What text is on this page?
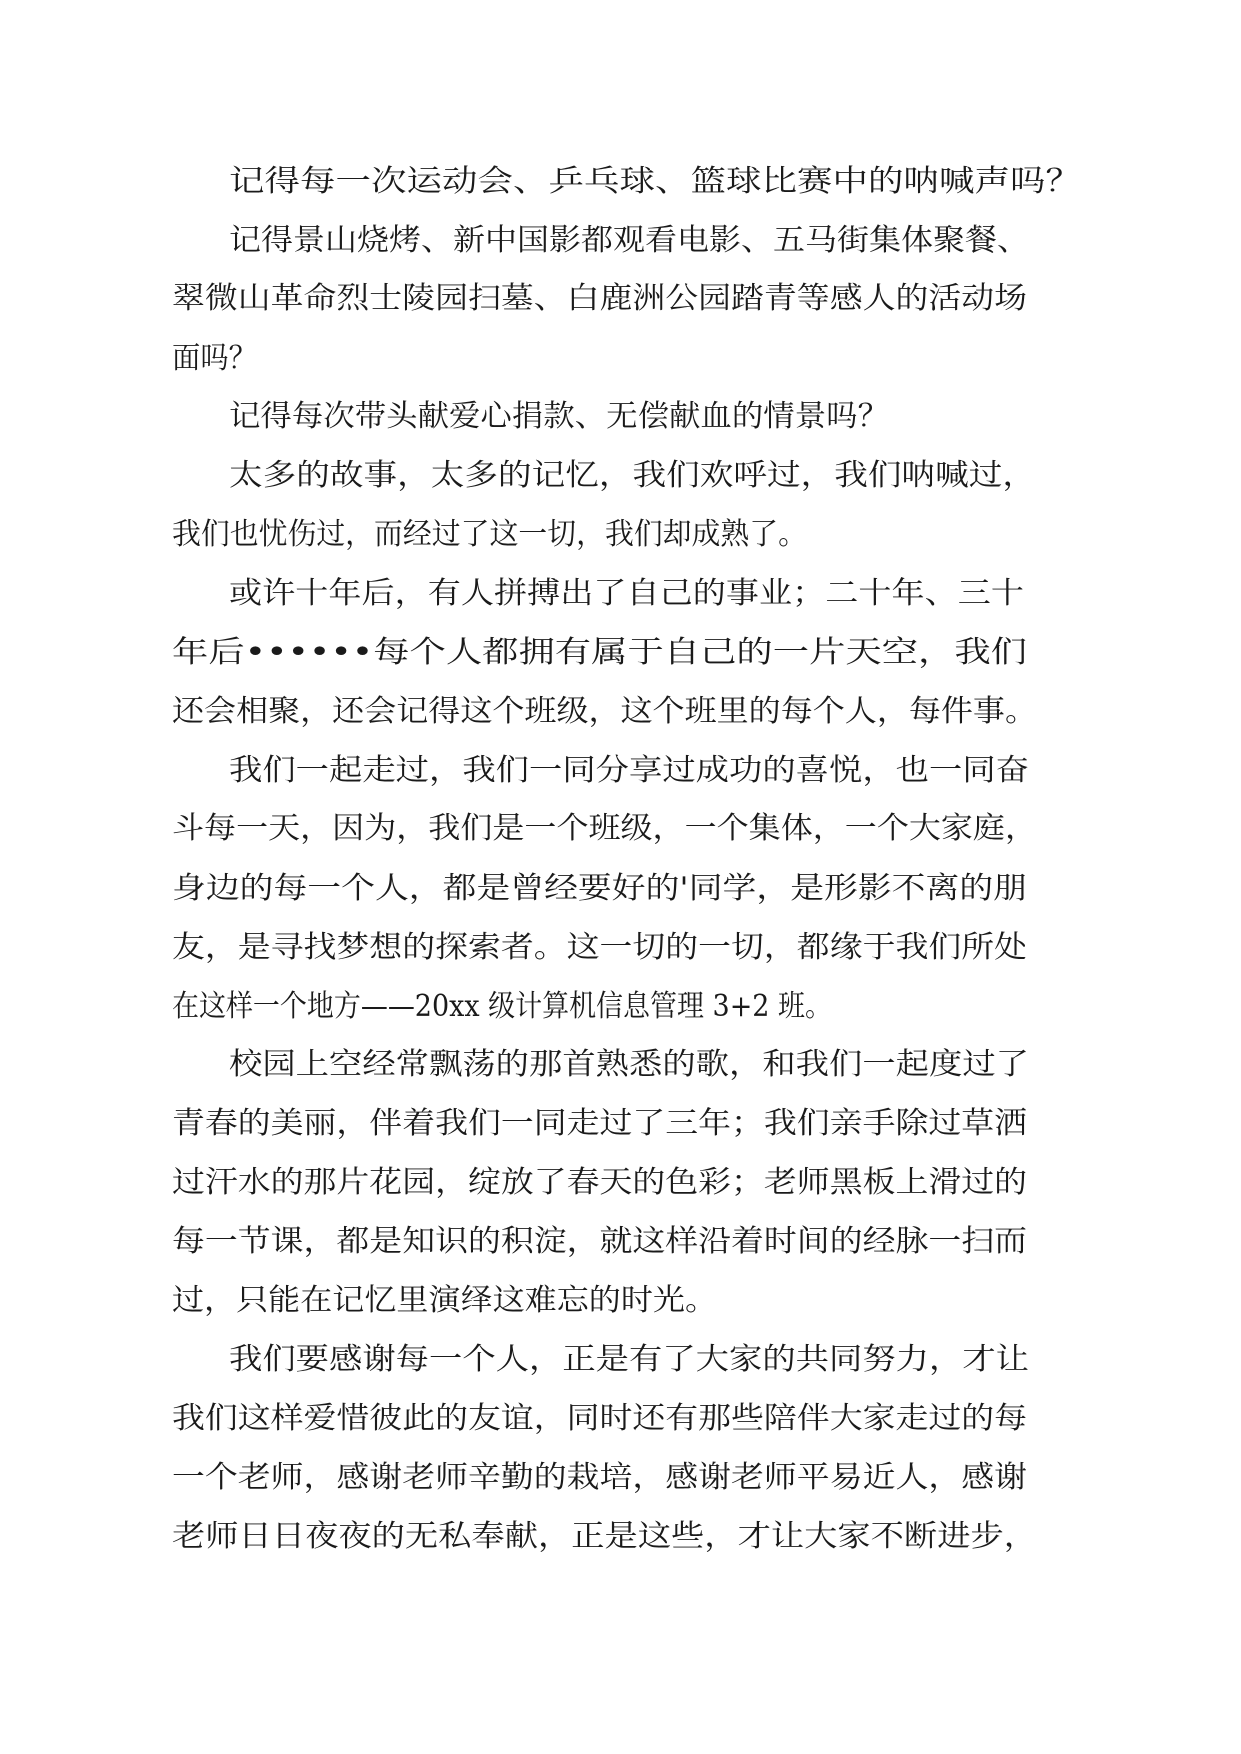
记得每一次运动会、乒乓球、篮球比赛中的呐喊声吗？
记得景山烧烤、新中国影都观看电影、五马街集体聚餐、
翠微山革命烈士陵园扫墓、白鹿洲公园踏青等感人的活动场
面吗？
记得每次带头献爱心捐款、无偿献血的情景吗？
太多的故事，太多的记忆，我们欢呼过，我们呐喊过，
我们也忧伤过，而经过了这一切，我们却成熟了。
或许十年后，有人拼搏出了自己的事业；二十年、三十
年后••••••每个人都拥有属于自己的一片天空，我们
还会相聚，还会记得这个班级，这个班里的每个人，每件事。
我们一起走过，我们一同分享过成功的喜悦，也一同奋
斗每一天，因为，我们是一个班级，一个集体，一个大家庭，
身边的每一个人，都是曾经要好的'同学，是形影不离的朋
友，是寻找梦想的探索者。这一切的一切，都缘于我们所处
在这样一个地方——20xx 级计算机信息管理 3+2 班。
校园上空经常飘荡的那首熟悉的歌，和我们一起度过了
青春的美丽，伴着我们一同走过了三年；我们亲手除过草洒
过汗水的那片花园，绽放了春天的色彩；老师黑板上滑过的
每一节课，都是知识的积淀，就这样沿着时间的经脉一扫而
过，只能在记忆里演绎这难忘的时光。
我们要感谢每一个人，正是有了大家的共同努力，才让
我们这样爱惜彼此的友谊，同时还有那些陪伴大家走过的每
一个老师，感谢老师辛勤的栽培，感谢老师平易近人，感谢
老师日日夜夜的无私奉献，正是这些，才让大家不断进步，
